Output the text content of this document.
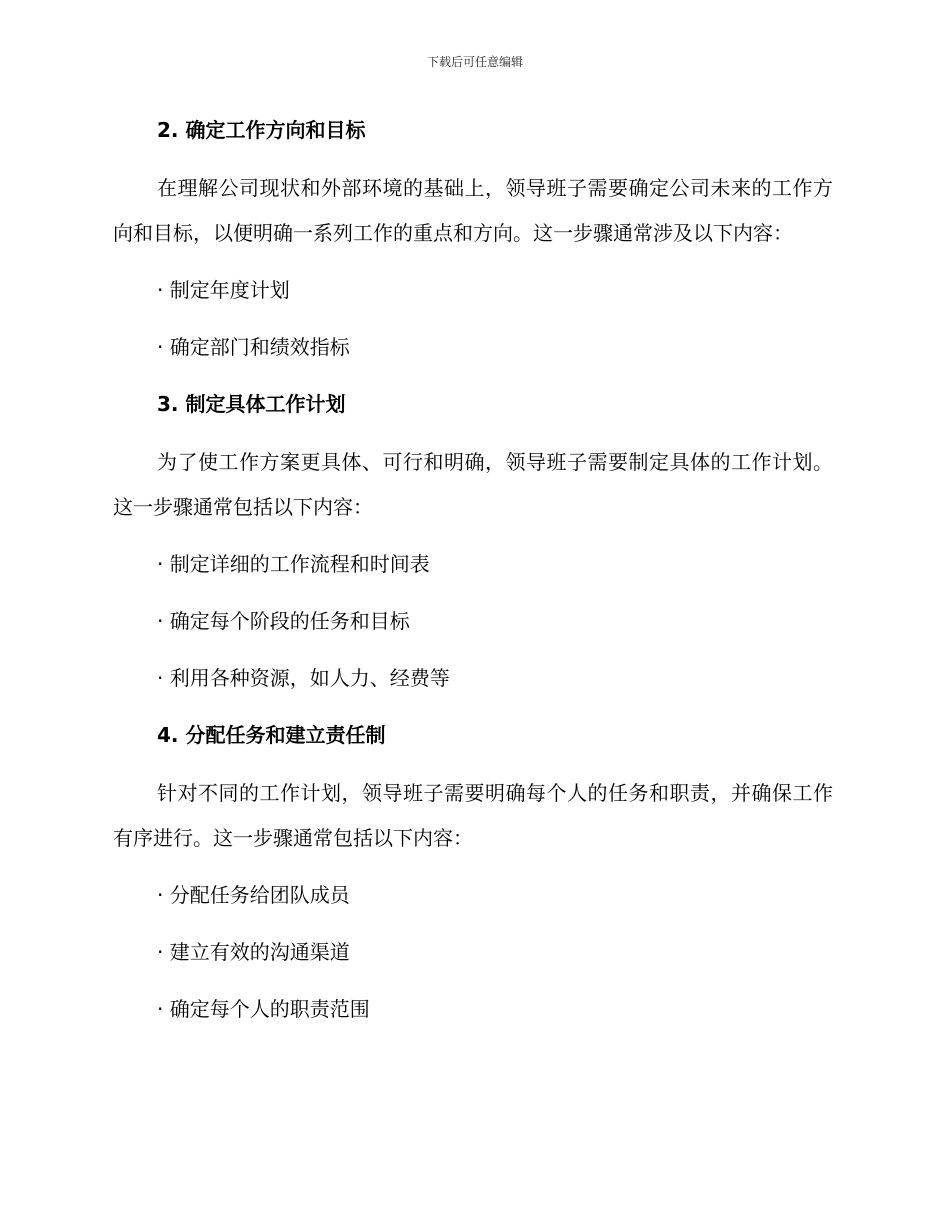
下载后可任意编辑
2. 确定工作方向和目标

在理解公司现状和外部环境的基础上，领导班子需要确定公司未来的工作方向和目标，以便明确一系列工作的重点和方向。这一步骤通常涉及以下内容：

· 制定年度计划
· 确定部门和绩效指标
3. 制定具体工作计划

为了使工作方案更具体、可行和明确，领导班子需要制定具体的工作计划。这一步骤通常包括以下内容：

· 制定详细的工作流程和时间表
· 确定每个阶段的任务和目标
· 利用各种资源，如人力、经费等
4. 分配任务和建立责任制

针对不同的工作计划，领导班子需要明确每个人的任务和职责，并确保工作有序进行。这一步骤通常包括以下内容：

· 分配任务给团队成员
· 建立有效的沟通渠道
· 确定每个人的职责范围
